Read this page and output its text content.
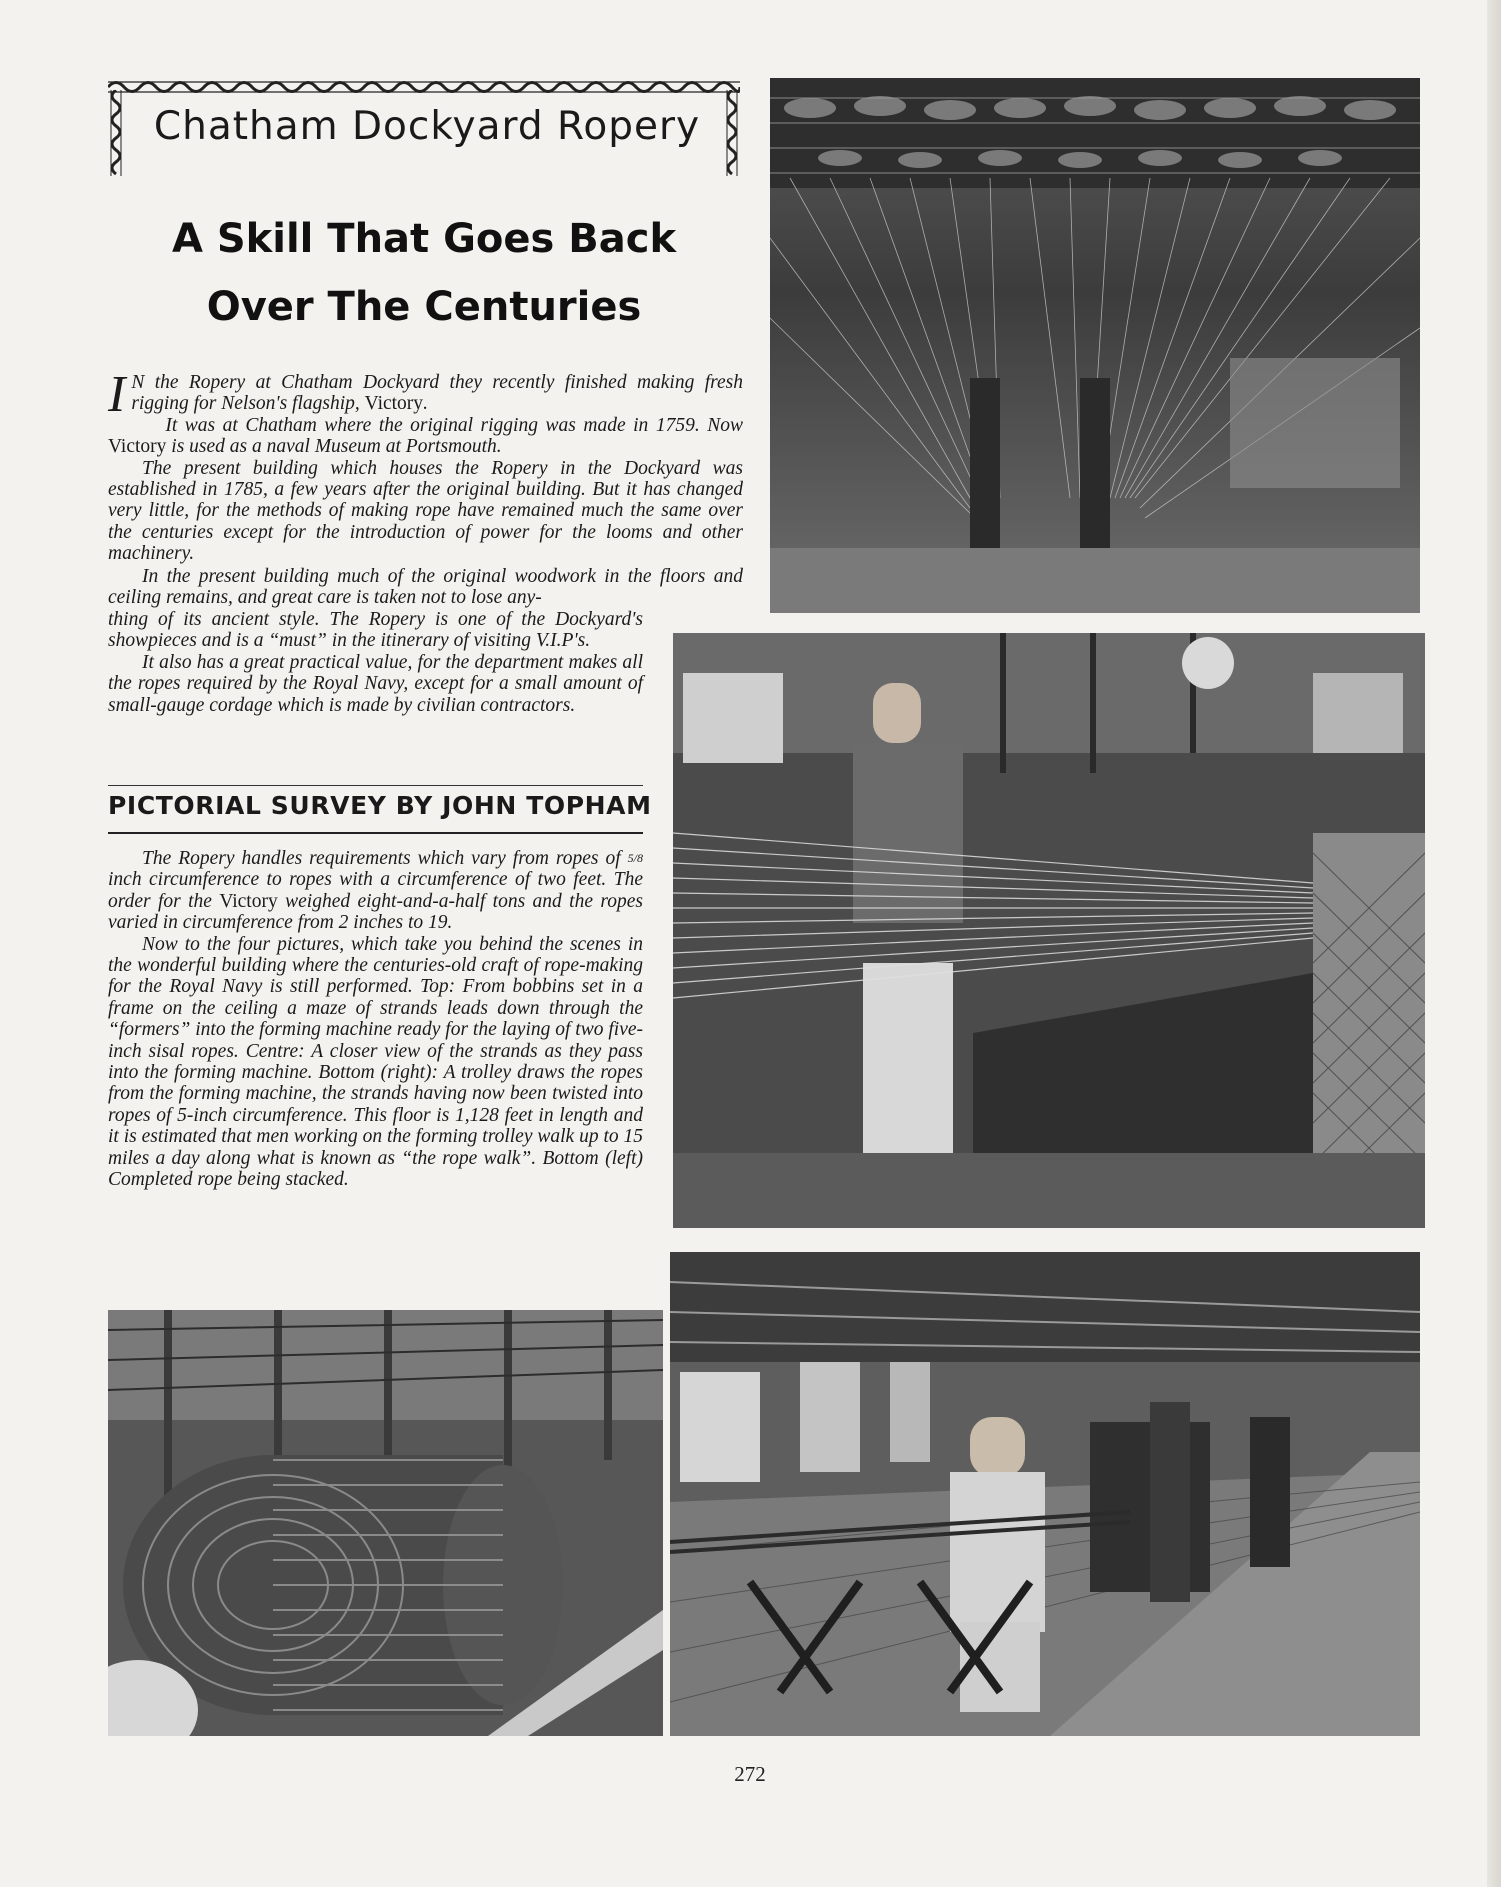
Chatham Dockyard Ropery
A Skill That Goes Back
Over The Centuries

I N the Ropery at Chatham Dockyard they recently finished making fresh rigging for Nelson's flagship, Victory.

It was at Chatham where the original rigging was made in 1759. Now Victory is used as a naval Museum at Portsmouth.

The present building which houses the Ropery in the Dockyard was established in 1785, a few years after the original building. But it has changed very little, for the methods of making rope have remained much the same over the centuries except for the introduction of power for the looms and other machinery.

In the present building much of the original woodwork in the floors and ceiling remains, and great care is taken not to lose any-

thing of its ancient style. The Ropery is one of the Dockyard's showpieces and is a “must” in the itinerary of visiting V.I.P's.

It also has a great practical value, for the department makes all the ropes required by the Royal Navy, except for a small amount of small-gauge cordage which is made by civilian contractors.

PICTORIAL SURVEY BY JOHN TOPHAM

The Ropery handles requirements which vary from ropes of 5/8 inch circumference to ropes with a circumference of two feet. The order for the Victory weighed eight-and-a-half tons and the ropes varied in circumference from 2 inches to 19.

Now to the four pictures, which take you behind the scenes in the wonderful building where the centuries-old craft of rope-making for the Royal Navy is still performed. Top: From bobbins set in a frame on the ceiling a maze of strands leads down through the “formers” into the forming machine ready for the laying of two five-inch sisal ropes. Centre: A closer view of the strands as they pass into the forming machine. Bottom (right): A trolley draws the ropes from the forming machine, the strands having now been twisted into ropes of 5-inch circumference. This floor is 1,128 feet in length and it is estimated that men working on the forming trolley walk up to 15 miles a day along what is known as “the rope walk”. Bottom (left) Completed rope being stacked.

272
